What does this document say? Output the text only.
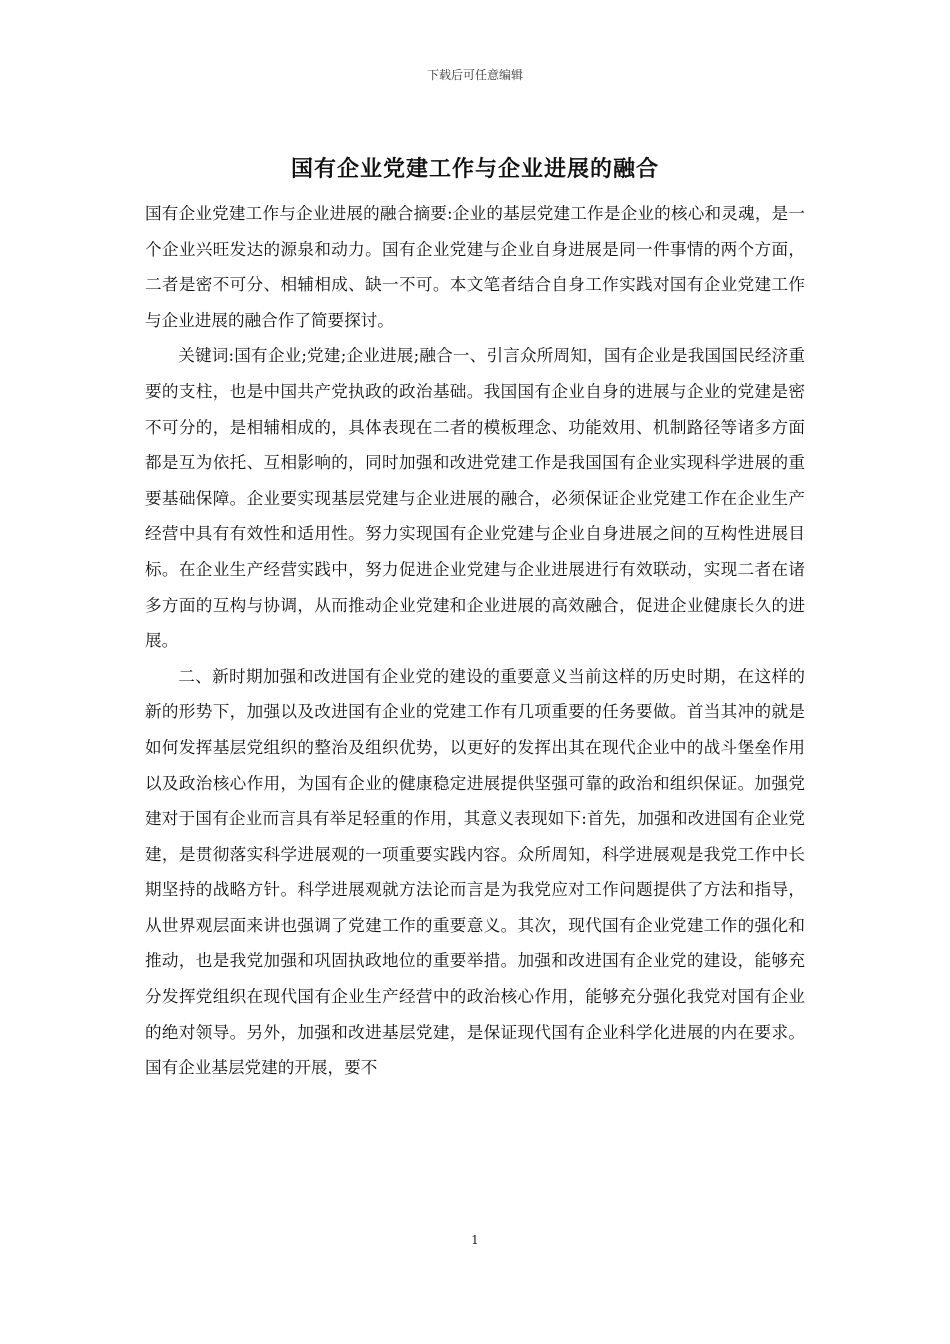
下载后可任意编辑
国有企业党建工作与企业进展的融合

国有企业党建工作与企业进展的融合摘要:企业的基层党建工作是企业的核心和灵魂，是一个企业兴旺发达的源泉和动力。国有企业党建与企业自身进展是同一件事情的两个方面，二者是密不可分、相辅相成、缺一不可。本文笔者结合自身工作实践对国有企业党建工作与企业进展的融合作了简要探讨。

关键词:国有企业;党建;企业进展;融合一、引言众所周知，国有企业是我国国民经济重要的支柱，也是中国共产党执政的政治基础。我国国有企业自身的进展与企业的党建是密不可分的，是相辅相成的，具体表现在二者的模板理念、功能效用、机制路径等诸多方面都是互为依托、互相影响的，同时加强和改进党建工作是我国国有企业实现科学进展的重要基础保障。企业要实现基层党建与企业进展的融合，必须保证企业党建工作在企业生产经营中具有有效性和适用性。努力实现国有企业党建与企业自身进展之间的互构性进展目标。在企业生产经营实践中，努力促进企业党建与企业进展进行有效联动，实现二者在诸多方面的互构与协调，从而推动企业党建和企业进展的高效融合，促进企业健康长久的进展。

二、新时期加强和改进国有企业党的建设的重要意义当前这样的历史时期，在这样的新的形势下，加强以及改进国有企业的党建工作有几项重要的任务要做。首当其冲的就是如何发挥基层党组织的整治及组织优势，以更好的发挥出其在现代企业中的战斗堡垒作用以及政治核心作用，为国有企业的健康稳定进展提供坚强可靠的政治和组织保证。加强党建对于国有企业而言具有举足轻重的作用，其意义表现如下:首先，加强和改进国有企业党建，是贯彻落实科学进展观的一项重要实践内容。众所周知，科学进展观是我党工作中长期坚持的战略方针。科学进展观就方法论而言是为我党应对工作问题提供了方法和指导，从世界观层面来讲也强调了党建工作的重要意义。其次，现代国有企业党建工作的强化和推动，也是我党加强和巩固执政地位的重要举措。加强和改进国有企业党的建设，能够充分发挥党组织在现代国有企业生产经营中的政治核心作用，能够充分强化我党对国有企业的绝对领导。另外，加强和改进基层党建，是保证现代国有企业科学化进展的内在要求。国有企业基层党建的开展，要不

1
